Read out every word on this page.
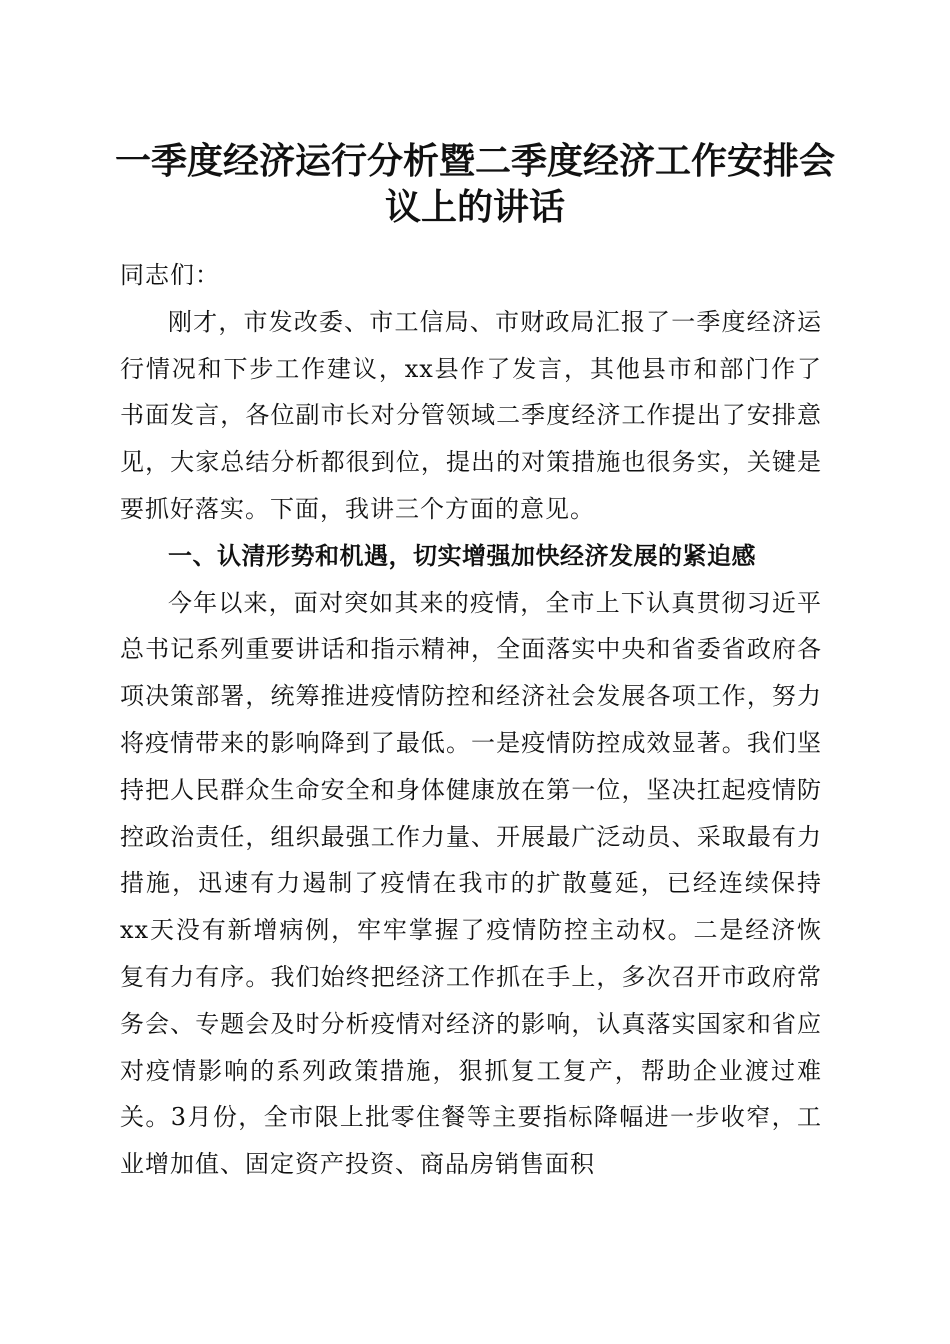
一季度经济运行分析暨二季度经济工作安排会
议上的讲话

同志们：

刚才，市发改委、市工信局、市财政局汇报了一季度经济运行情况和下步工作建议，xx县作了发言，其他县市和部门作了书面发言，各位副市长对分管领域二季度经济工作提出了安排意见，大家总结分析都很到位，提出的对策措施也很务实，关键是要抓好落实。下面，我讲三个方面的意见。

一、认清形势和机遇，切实增强加快经济发展的紧迫感

今年以来，面对突如其来的疫情，全市上下认真贯彻习近平总书记系列重要讲话和指示精神，全面落实中央和省委省政府各项决策部署，统筹推进疫情防控和经济社会发展各项工作，努力将疫情带来的影响降到了最低。一是疫情防控成效显著。我们坚持把人民群众生命安全和身体健康放在第一位，坚决扛起疫情防控政治责任，组织最强工作力量、开展最广泛动员、采取最有力措施，迅速有力遏制了疫情在我市的扩散蔓延，已经连续保持xx天没有新增病例，牢牢掌握了疫情防控主动权。二是经济恢复有力有序。我们始终把经济工作抓在手上，多次召开市政府常务会、专题会及时分析疫情对经济的影响，认真落实国家和省应对疫情影响的系列政策措施，狠抓复工复产，帮助企业渡过难关。3月份，全市限上批零住餐等主要指标降幅进一步收窄，工业增加值、固定资产投资、商品房销售面积
